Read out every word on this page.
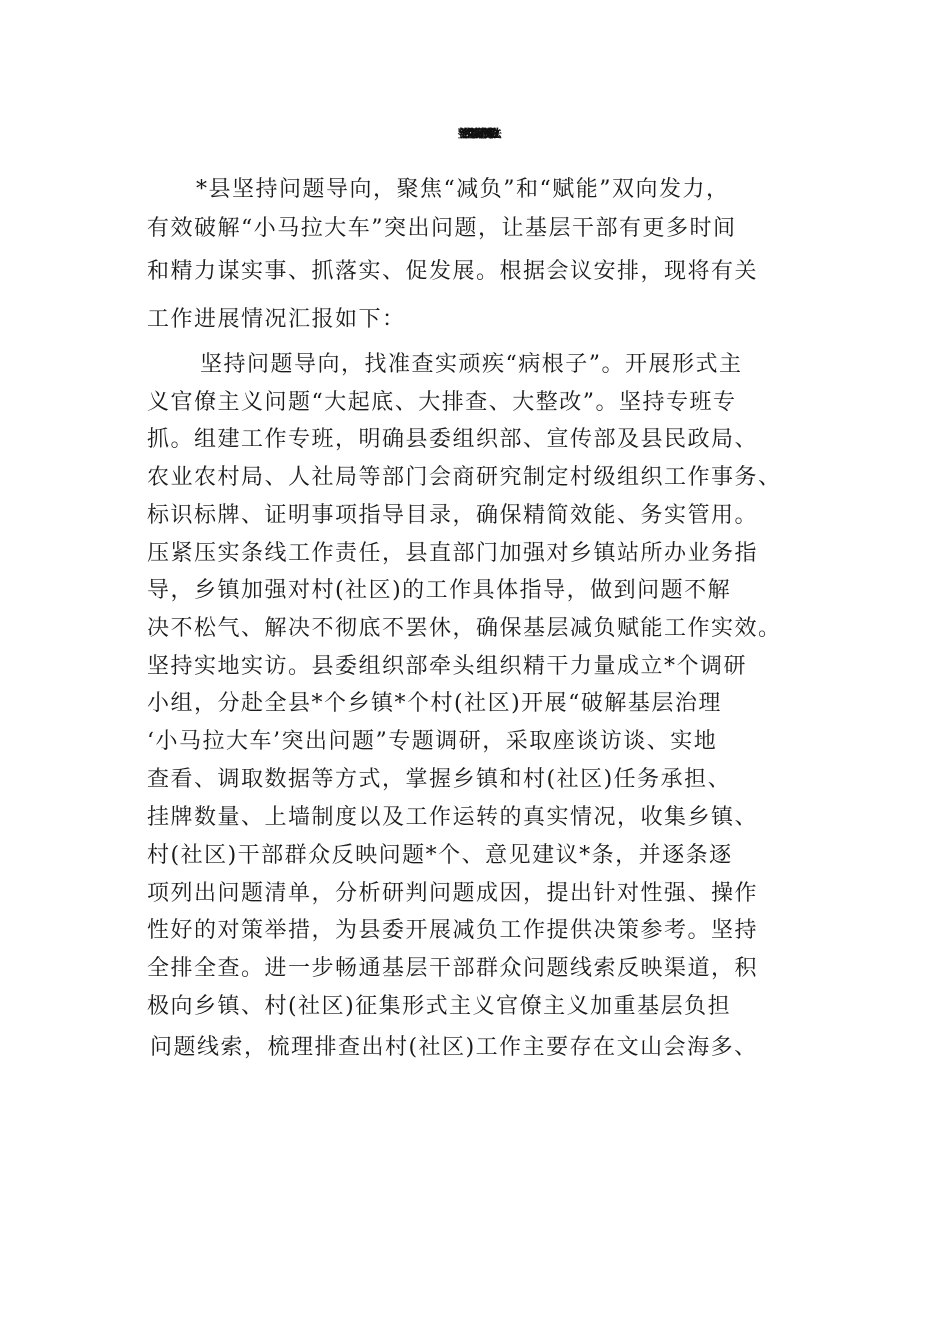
整治形式主义为基层减负专项工作机制亮点经验做法
*县坚持问题导向，聚焦“减负”和“赋能”双向发力，
有效破解“小马拉大车”突出问题，让基层干部有更多时间
和精力谋实事、抓落实、促发展。根据会议安排，现将有关
工作进展情况汇报如下：
坚持问题导向，找准查实顽疾“病根子”。开展形式主
义官僚主义问题“大起底、大排查、大整改”。坚持专班专
抓。组建工作专班，明确县委组织部、宣传部及县民政局、
农业农村局、人社局等部门会商研究制定村级组织工作事务、
标识标牌、证明事项指导目录，确保精简效能、务实管用。
压紧压实条线工作责任，县直部门加强对乡镇站所办业务指
导，乡镇加强对村(社区)的工作具体指导，做到问题不解
决不松气、解决不彻底不罢休，确保基层减负赋能工作实效。
坚持实地实访。县委组织部牵头组织精干力量成立*个调研
小组，分赴全县*个乡镇*个村(社区)开展“破解基层治理
‘小马拉大车’突出问题”专题调研，采取座谈访谈、实地
查看、调取数据等方式，掌握乡镇和村(社区)任务承担、
挂牌数量、上墙制度以及工作运转的真实情况，收集乡镇、
村(社区)干部群众反映问题*个、意见建议*条，并逐条逐
项列出问题清单，分析研判问题成因，提出针对性强、操作
性好的对策举措，为县委开展减负工作提供决策参考。坚持
全排全查。进一步畅通基层干部群众问题线索反映渠道，积
极向乡镇、村(社区)征集形式主义官僚主义加重基层负担
问题线索，梳理排查出村(社区)工作主要存在文山会海多、
